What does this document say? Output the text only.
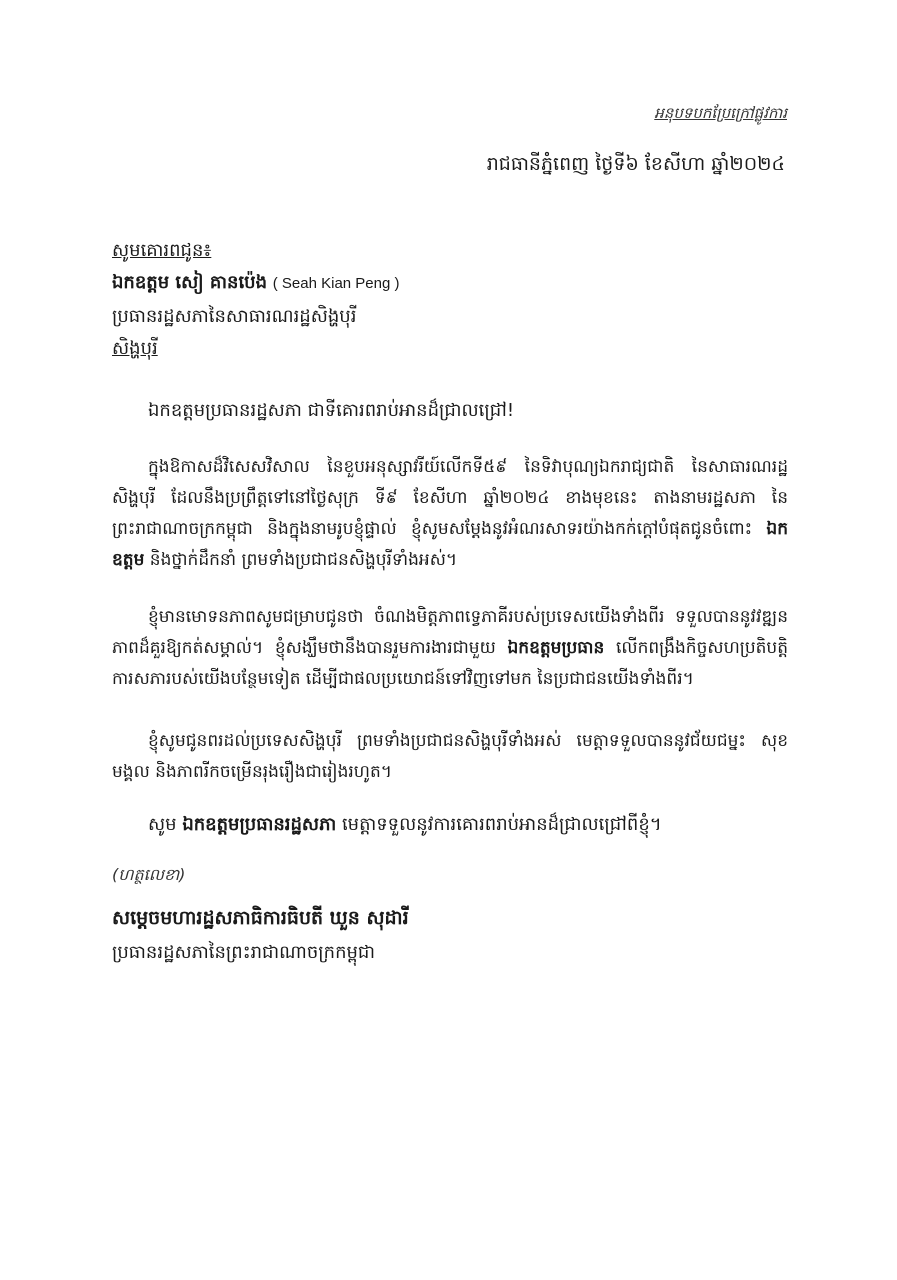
អនុបទបកប្រែក្រៅផ្លូវការ
រាជធានីភ្នំពេញ ថ្ងៃទី៦ ខែសីហា ឆ្នាំ២០២៤
សូមគោរពជូន៖
ឯកឧត្តម សៀ គានប៉េង ( Seah Kian Peng )
ប្រធានរដ្ឋសភានៃសាធារណរដ្ឋសិង្ហបុរី
សិង្ហបុរី
ឯកឧត្តមប្រធានរដ្ឋសភា ជាទីគោរពរាប់អានដ៏ជ្រាលជ្រៅ!

ក្នុងឱកាសដ៏វិសេសវិសាល នៃខួបអនុស្សាវរីយ៍លើកទី៥៩ នៃទិវាបុណ្យឯករាជ្យជាតិ នៃសាធារណរដ្ឋសិង្ហបុរី ដែលនឹងប្រព្រឹត្តទៅនៅថ្ងៃសុក្រ ទី៩ ខែសីហា ឆ្នាំ២០២៤ ខាងមុខនេះ តាងនាមរដ្ឋសភា នៃព្រះរាជាណាចក្រកម្ពុជា និងក្នុងនាមរូបខ្ញុំផ្ទាល់ ខ្ញុំសូមសម្តែងនូវអំណរសាទរយ៉ាងកក់ក្តៅបំផុតជូនចំពោះ ឯកឧត្តម និងថ្នាក់ដឹកនាំ ព្រមទាំងប្រជាជនសិង្ហបុរីទាំងអស់។

ខ្ញុំមានមោទនភាពសូមជម្រាបជូនថា ចំណងមិត្តភាពទ្វេភាគីរបស់ប្រទេសយើងទាំងពីរ ទទួលបាននូវវឌ្ឍនភាពដ៏គួរឱ្យកត់សម្គាល់។ ខ្ញុំសង្ឃឹមថានឹងបានរួមការងារជាមួយ ឯកឧត្តមប្រធាន លើកពង្រឹងកិច្ចសហប្រតិបត្តិការសភារបស់យើងបន្ថែមទៀត ដើម្បីជាផលប្រយោជន៍ទៅវិញទៅមក នៃប្រជាជនយើងទាំងពីរ។

ខ្ញុំសូមជូនពរដល់ប្រទេសសិង្ហបុរី ព្រមទាំងប្រជាជនសិង្ហបុរីទាំងអស់ មេត្តាទទួលបាននូវជ័យជម្នះ សុខមង្គល និងភាពរីកចម្រើនរុងរឿងជារៀងរហូត។

សូម ឯកឧត្តមប្រធានរដ្ឋសភា មេត្តាទទួលនូវការគោរពរាប់អានដ៏ជ្រាលជ្រៅពីខ្ញុំ។
(ហត្ថលេខា)
សម្តេចមហារដ្ឋសភាធិការធិបតី ឃួន សុដារី
ប្រធានរដ្ឋសភានៃព្រះរាជាណាចក្រកម្ពុជា
